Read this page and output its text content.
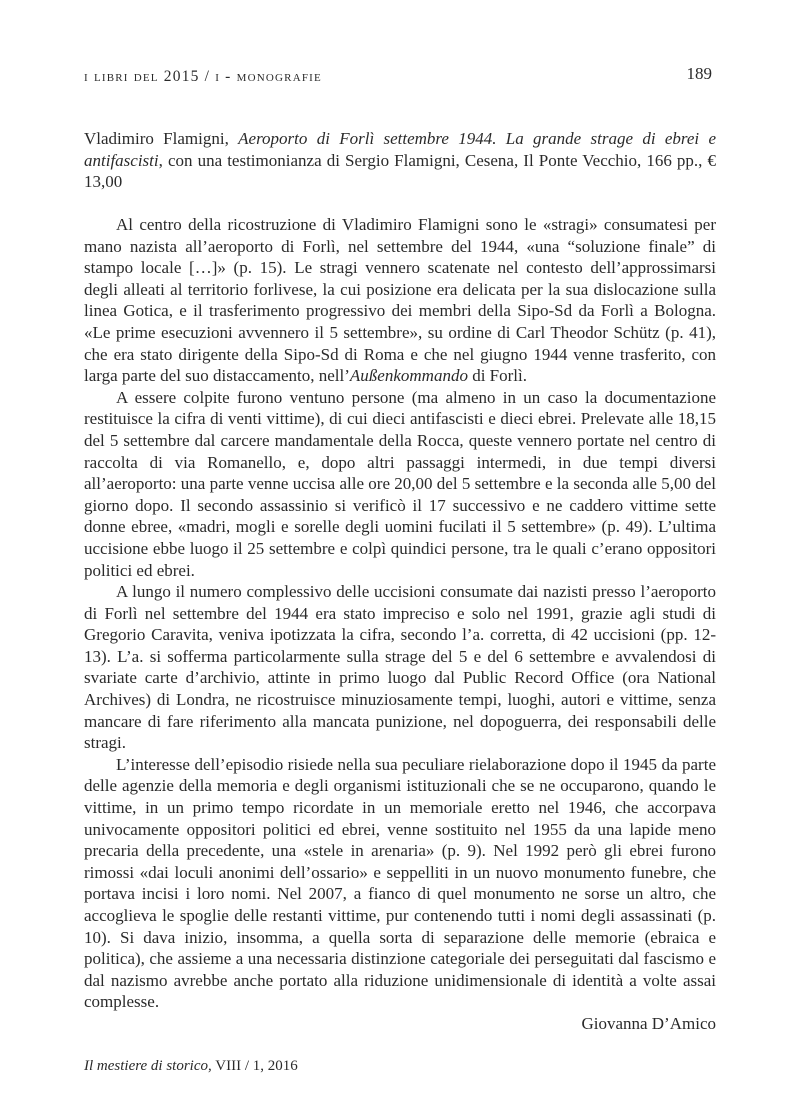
i libri del 2015 / i - monografie	189
Vladimiro Flamigni, Aeroporto di Forlì settembre 1944. La grande strage di ebrei e antifascisti, con una testimonianza di Sergio Flamigni, Cesena, Il Ponte Vecchio, 166 pp., € 13,00

Al centro della ricostruzione di Vladimiro Flamigni sono le «stragi» consumatesi per mano nazista all’aeroporto di Forlì, nel settembre del 1944, «una “soluzione finale” di stampo locale […]» (p. 15). Le stragi vennero scatenate nel contesto dell’approssimarsi degli alleati al territorio forlivese, la cui posizione era delicata per la sua dislocazione sulla linea Gotica, e il trasferimento progressivo dei membri della Sipo-Sd da Forlì a Bologna. «Le prime esecuzioni avvennero il 5 settembre», su ordine di Carl Theodor Schütz (p. 41), che era stato dirigente della Sipo-Sd di Roma e che nel giugno 1944 venne trasferito, con larga parte del suo distaccamento, nell’Außenkommando di Forlì.

A essere colpite furono ventuno persone (ma almeno in un caso la documentazione restituisce la cifra di venti vittime), di cui dieci antifascisti e dieci ebrei. Prelevate alle 18,15 del 5 settembre dal carcere mandamentale della Rocca, queste vennero portate nel centro di raccolta di via Romanello, e, dopo altri passaggi intermedi, in due tempi diversi all’aeroporto: una parte venne uccisa alle ore 20,00 del 5 settembre e la seconda alle 5,00 del giorno dopo. Il secondo assassinio si verificò il 17 successivo e ne caddero vittime sette donne ebree, «madri, mogli e sorelle degli uomini fucilati il 5 settembre» (p. 49). L’ultima uccisione ebbe luogo il 25 settembre e colpì quindici persone, tra le quali c’erano oppositori politici ed ebrei.

A lungo il numero complessivo delle uccisioni consumate dai nazisti presso l’aeroporto di Forlì nel settembre del 1944 era stato impreciso e solo nel 1991, grazie agli studi di Gregorio Caravita, veniva ipotizzata la cifra, secondo l’a. corretta, di 42 uccisioni (pp. 12-13). L’a. si sofferma particolarmente sulla strage del 5 e del 6 settembre e avvalendosi di svariate carte d’archivio, attinte in primo luogo dal Public Record Office (ora National Archives) di Londra, ne ricostruisce minuziosamente tempi, luoghi, autori e vittime, senza mancare di fare riferimento alla mancata punizione, nel dopoguerra, dei responsabili delle stragi.

L’interesse dell’episodio risiede nella sua peculiare rielaborazione dopo il 1945 da parte delle agenzie della memoria e degli organismi istituzionali che se ne occuparono, quando le vittime, in un primo tempo ricordate in un memoriale eretto nel 1946, che accorpava univocamente oppositori politici ed ebrei, venne sostituito nel 1955 da una lapide meno precaria della precedente, una «stele in arenaria» (p. 9). Nel 1992 però gli ebrei furono rimossi «dai loculi anonimi dell’ossario» e seppelliti in un nuovo monumento funebre, che portava incisi i loro nomi. Nel 2007, a fianco di quel monumento ne sorse un altro, che accoglieva le spoglie delle restanti vittime, pur contenendo tutti i nomi degli assassinati (p. 10). Si dava inizio, insomma, a quella sorta di separazione delle memorie (ebraica e politica), che assieme a una necessaria distinzione categoriale dei perseguitati dal fascismo e dal nazismo avrebbe anche portato alla riduzione unidimensionale di identità a volte assai complesse.

Giovanna D’Amico

Il mestiere di storico, VIII / 1, 2016
